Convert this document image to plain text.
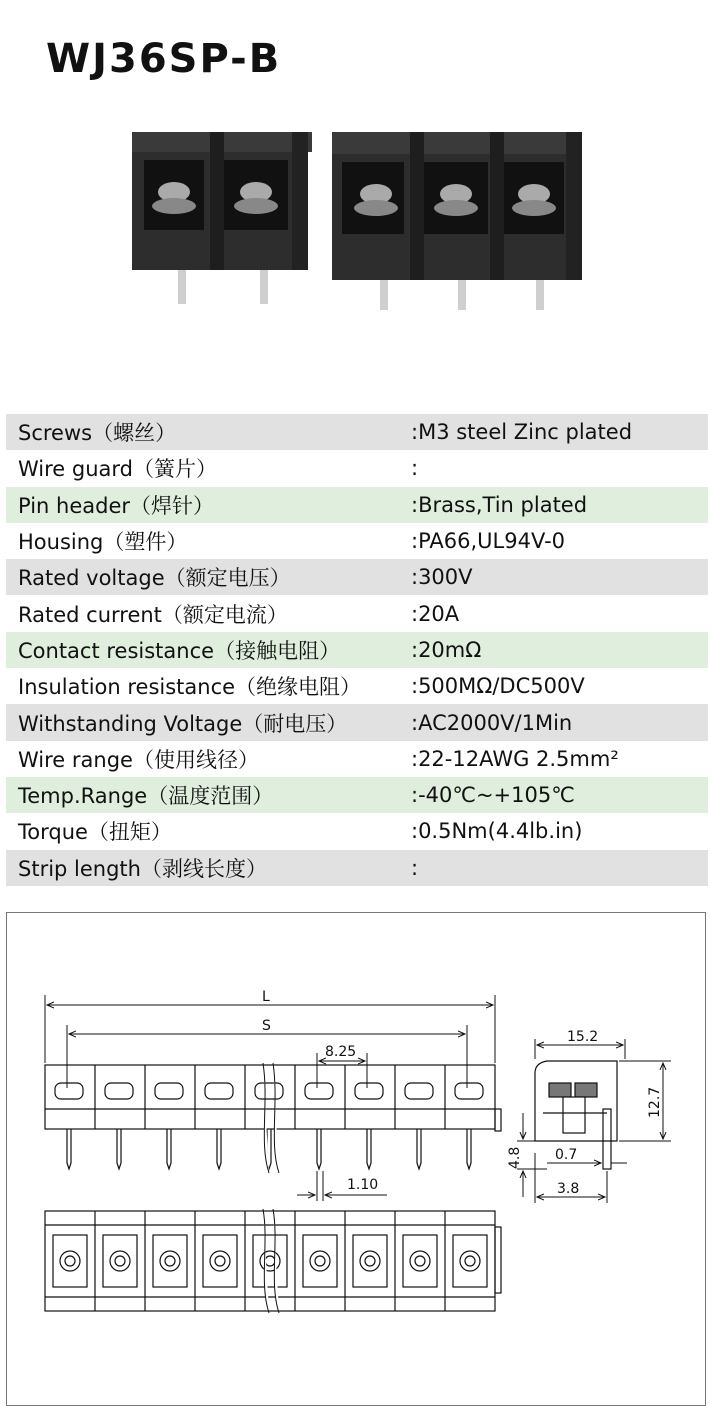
WJ36SP-B
Screws（螺丝）	:M3 steel Zinc plated
Wire guard（簧片）	:
Pin header（焊针）	:Brass,Tin plated
Housing（塑件）	:PA66,UL94V-0
Rated voltage（额定电压）	:300V
Rated current（额定电流）	:20A
Contact resistance（接触电阻）	:20mΩ
Insulation resistance（绝缘电阻）	:500MΩ/DC500V
Withstanding Voltage（耐电压）	:AC2000V/1Min
Wire range（使用线径）	:22-12AWG 2.5mm²
Temp.Range（温度范围）	:-40℃~+105℃
Torque（扭矩）	:0.5Nm(4.4lb.in)
Strip length（剥线长度）	:
L
S
8.25
1.10
15.2
12.7
4.8 0.7
3.8
